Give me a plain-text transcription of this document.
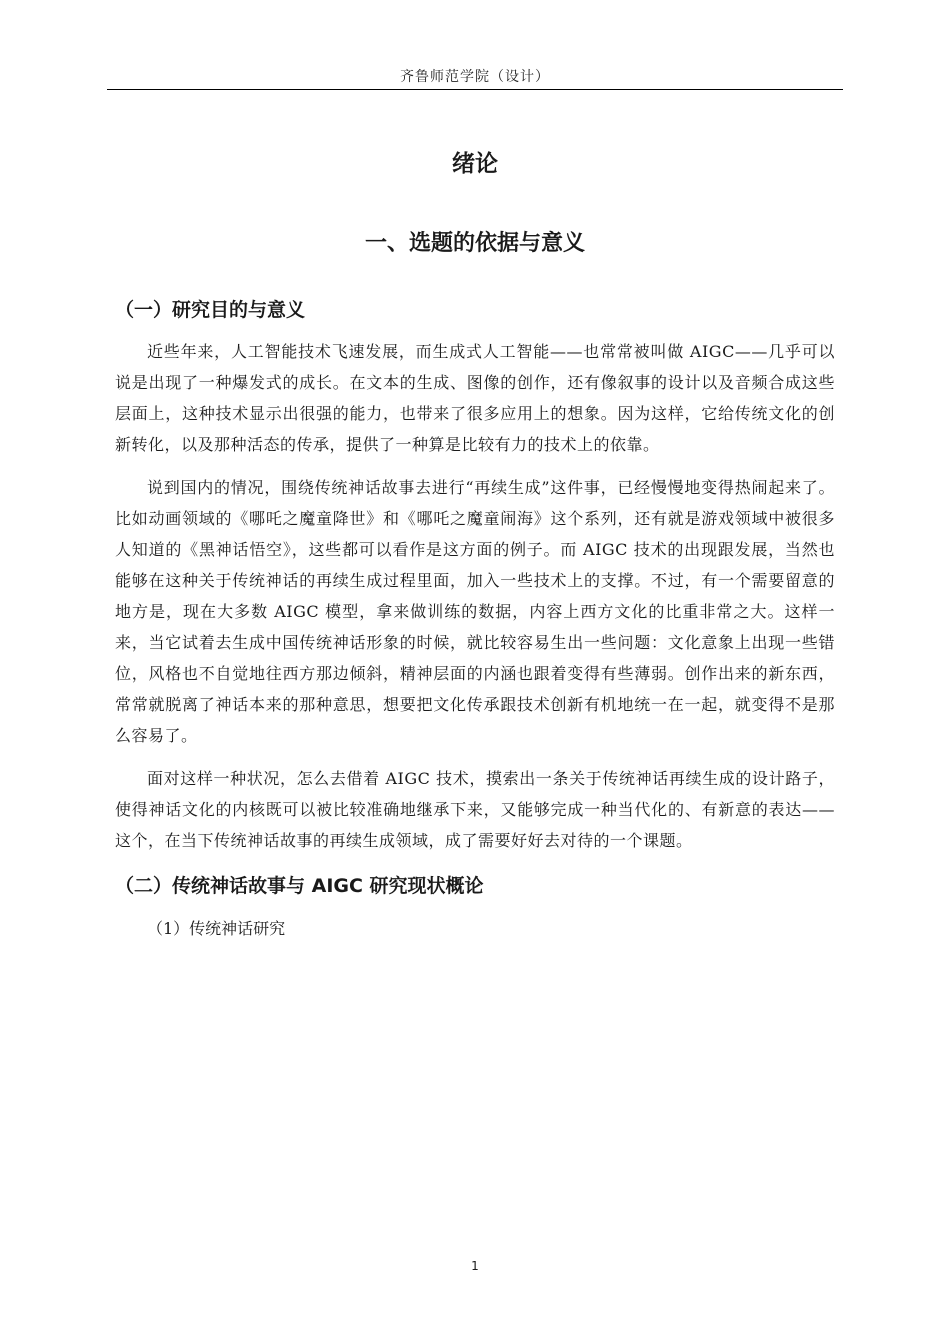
齐鲁师范学院（设计）
绪论
一、选题的依据与意义
（一）研究目的与意义

近些年来，人工智能技术飞速发展，而生成式人工智能——也常常被叫做 AIGC——几乎可以说是出现了一种爆发式的成长。在文本的生成、图像的创作，还有像叙事的设计以及音频合成这些层面上，这种技术显示出很强的能力，也带来了很多应用上的想象。因为这样，它给传统文化的创新转化，以及那种活态的传承，提供了一种算是比较有力的技术上的依靠。

说到国内的情况，围绕传统神话故事去进行“再续生成”这件事，已经慢慢地变得热闹起来了。比如动画领域的《哪吒之魔童降世》和《哪吒之魔童闹海》这个系列，还有就是游戏领域中被很多人知道的《黑神话悟空》，这些都可以看作是这方面的例子。而 AIGC 技术的出现跟发展，当然也能够在这种关于传统神话的再续生成过程里面，加入一些技术上的支撑。不过，有一个需要留意的地方是，现在大多数 AIGC 模型，拿来做训练的数据，内容上西方文化的比重非常之大。这样一来，当它试着去生成中国传统神话形象的时候，就比较容易生出一些问题：文化意象上出现一些错位，风格也不自觉地往西方那边倾斜，精神层面的内涵也跟着变得有些薄弱。创作出来的新东西，常常就脱离了神话本来的那种意思，想要把文化传承跟技术创新有机地统一在一起，就变得不是那么容易了。

面对这样一种状况，怎么去借着 AIGC 技术，摸索出一条关于传统神话再续生成的设计路子，使得神话文化的内核既可以被比较准确地继承下来，又能够完成一种当代化的、有新意的表达——这个，在当下传统神话故事的再续生成领域，成了需要好好去对待的一个课题。

（二）传统神话故事与 AIGC 研究现状概论
（1）传统神话研究
1
